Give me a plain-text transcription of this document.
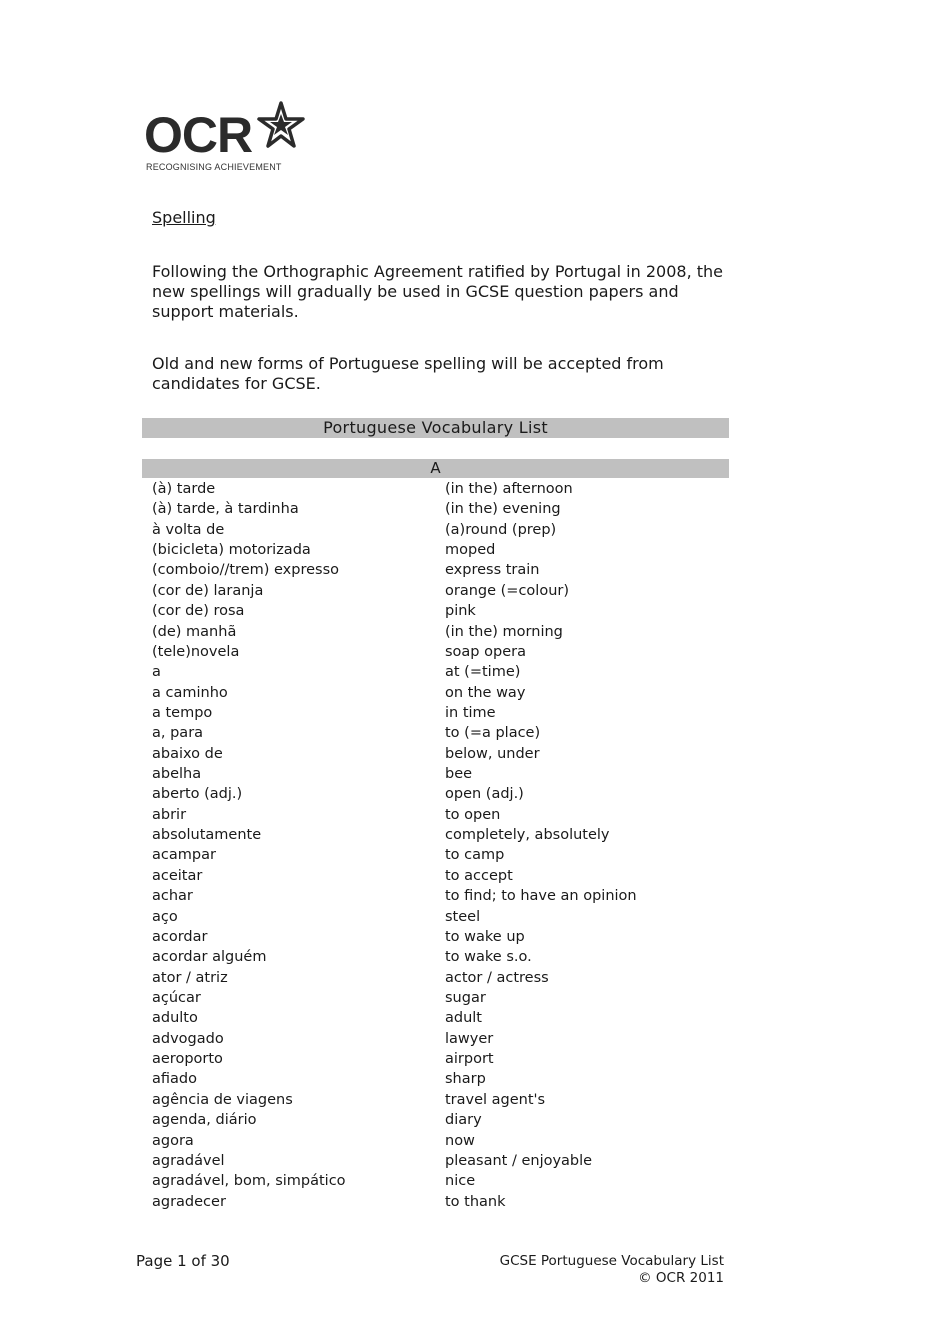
OCR
RECOGNISING ACHIEVEMENT
Spelling
Following the Orthographic Agreement ratified by Portugal in 2008, the new spellings will gradually be used in GCSE question papers and support materials.
Old and new forms of Portuguese spelling will be accepted from candidates for GCSE.
Portuguese Vocabulary List
A
(à) tarde	(in the) afternoon
(à) tarde, à tardinha	(in the) evening
à volta de	(a)round (prep)
(bicicleta) motorizada	moped
(comboio//trem) expresso	express train
(cor de) laranja	orange (=colour)
(cor de) rosa	pink
(de) manhã	(in the) morning
(tele)novela	soap opera
a	at (=time)
a caminho	on the way
a tempo	in time
a, para	to (=a place)
abaixo de	below, under
abelha	bee
aberto (adj.)	open (adj.)
abrir	to open
absolutamente	completely, absolutely
acampar	to camp
aceitar	to accept
achar	to find; to have an opinion
aço	steel
acordar	to wake up
acordar alguém	to wake s.o.
ator / atriz	actor / actress
açúcar	sugar
adulto	adult
advogado	lawyer
aeroporto	airport
afiado	sharp
agência de viagens	travel agent's
agenda, diário	diary
agora	now
agradável	pleasant / enjoyable
agradável, bom, simpático	nice
agradecer	to thank
Page 1 of 30	GCSE Portuguese Vocabulary List
© OCR 2011
